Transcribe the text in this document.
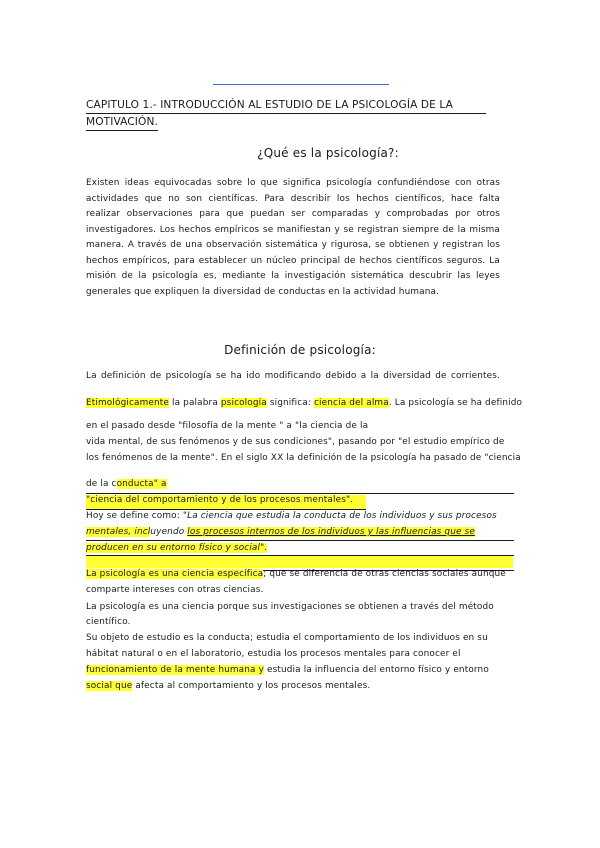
CAPITULO 1.- INTRODUCCIÓN AL ESTUDIO DE LA PSICOLOGÍA DE LA
MOTIVACIÓN.
¿Qué es la psicología?:
Existen ideas equivocadas sobre lo que significa psicología confundiéndose con otras actividades que no son científicas. Para describir los hechos científicos, hace falta realizar observaciones para que puedan ser comparadas y comprobadas por otros investigadores. Los hechos empíricos se manifiestan y se registran siempre de la misma manera. A través de una observación sistemática y rigurosa, se obtienen y registran los hechos empíricos, para establecer un núcleo principal de hechos científicos seguros. La misión de la psicología es, mediante la investigación sistemática descubrir las leyes generales que expliquen la diversidad de conductas en la actividad humana.
Definición de psicología:
La definición de psicología se ha ido modificando debido a la diversidad de corrientes.
Etimológicamente la palabra psicología significa: ciencia del alma. La psicología se ha definido
en el pasado desde "filosofía de la mente " a "la ciencia de la
vida mental, de sus fenómenos y de sus condiciones", pasando por "el estudio empírico de
los fenómenos de la mente". En el siglo XX la definición de la psicología ha pasado de "ciencia
de la conducta" a
"ciencia del comportamiento y de los procesos mentales".
Hoy se define como: "La ciencia que estudia la conducta de los individuos y sus procesos
mentales, incluyendo los procesos internos de los individuos y las influencias que se
producen en su entorno físico y social".
La psicología es una ciencia específica; que se diferencia de otras ciencias sociales aunque
comparte intereses con otras ciencias.
La psicología es una ciencia porque sus investigaciones se obtienen a través del método
científico.
Su objeto de estudio es la conducta; estudia el comportamiento de los individuos en su
hábitat natural o en el laboratorio, estudia los procesos mentales para conocer el
funcionamiento de la mente humana y estudia la influencia del entorno físico y entorno
social que afecta al comportamiento y los procesos mentales.
